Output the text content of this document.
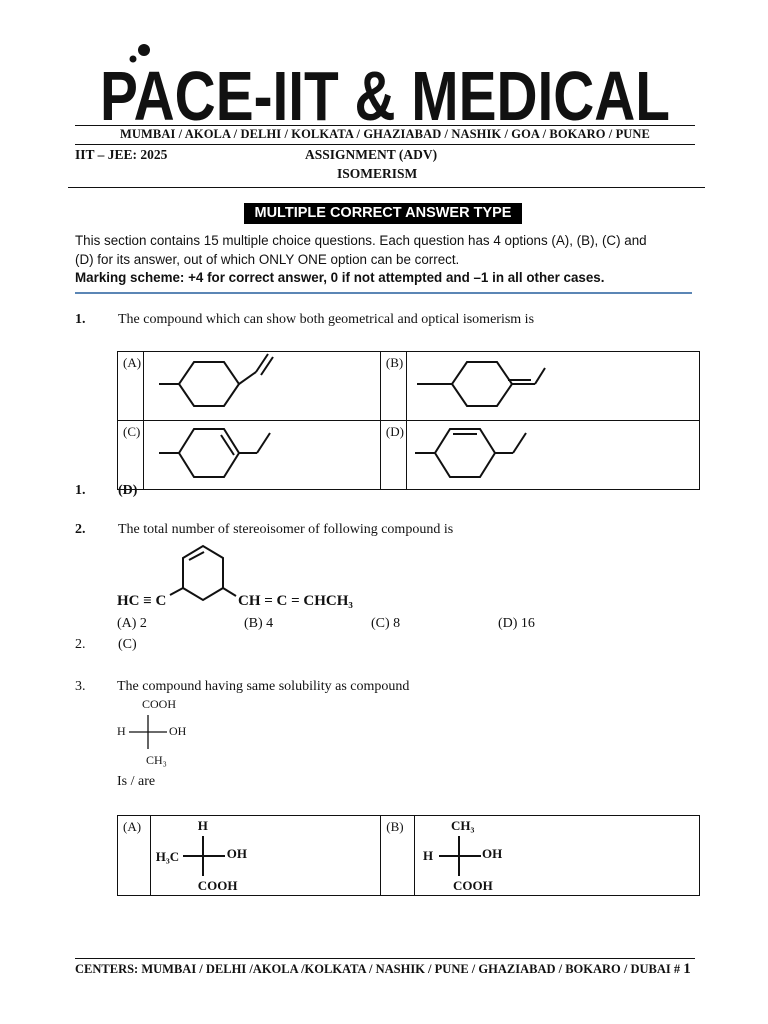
PACE-IIT & MEDICAL
MUMBAI / AKOLA / DELHI / KOLKATA / GHAZIABAD / NASHIK / GOA / BOKARO / PUNE
IIT – JEE: 2025	ASSIGNMENT (ADV)
ISOMERISM
MULTIPLE CORRECT ANSWER TYPE
This section contains 15 multiple choice questions. Each question has 4 options (A), (B), (C) and
(D) for its answer, out of which ONLY ONE option can be correct.
Marking scheme: +4 for correct answer, 0 if not attempted and –1 in all other cases.
1. The compound which can show both geometrical and optical isomerism is
(A)		(B)	
(C)		(D)	
1. (D)
2. The total number of stereoisomer of following compound is
HC ≡ C	CH = C = CHCH₃
(A) 2	(B) 4	(C) 8	(D) 16
2. (C)
3. The compound having same solubility as compound
COOH
H	OH
CH₃
Is / are
(A)	H
H₃C	OH
COOH
	(B)	CH₃
H	OH
COOH
CENTERS: MUMBAI / DELHI /AKOLA /KOLKATA / NASHIK / PUNE / GHAZIABAD / BOKARO / DUBAI # 1
